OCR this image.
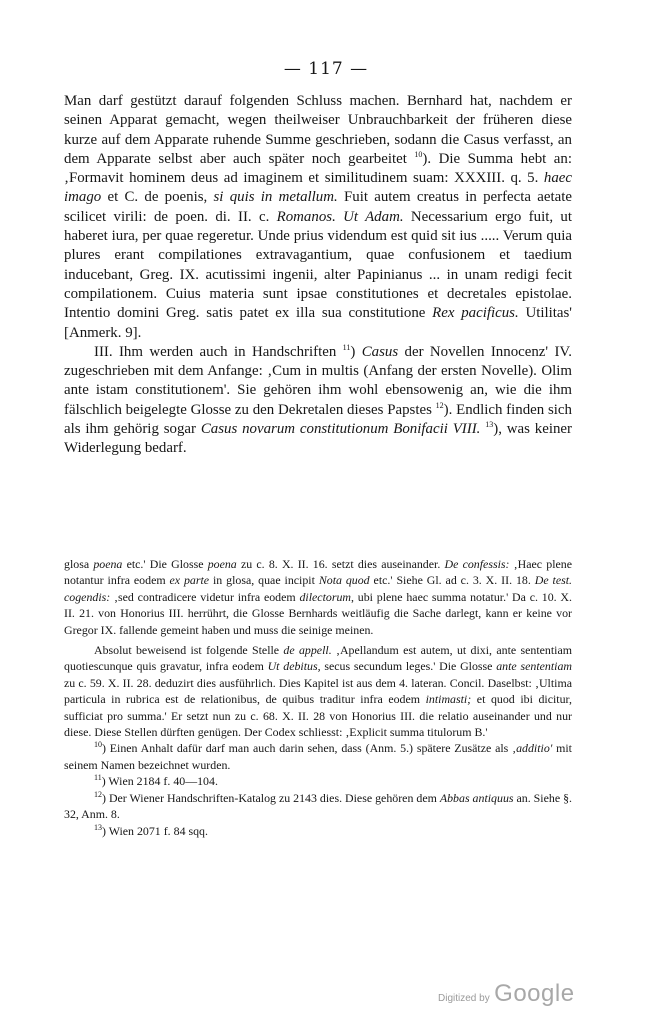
— 117 —

Man darf gestützt darauf folgenden Schluss machen. Bernhard hat, nachdem er seinen Apparat gemacht, wegen theilweiser Unbrauchbarkeit der früheren diese kurze auf dem Apparate ruhende Summe geschrieben, sodann die Casus verfasst, an dem Apparate selbst aber auch später noch gearbeitet $^{10}$). Die Summa hebt an: ‚Formavit hominem deus ad imaginem et similitudinem suam: XXXIII. q. 5. haec imago et C. de poenis, si quis in metallum. Fuit autem creatus in perfecta aetate scilicet virili: de poen. di. II. c. Romanos. Ut Adam. Necessarium ergo fuit, ut haberet iura, per quae regeretur. Unde prius videndum est quid sit ius ..... Verum quia plures erant compilationes extravagantium, quae confusionem et taedium inducebant, Greg. IX. acutissimi ingenii, alter Papinianus ... in unam redigi fecit compilationem. Cuius materia sunt ipsae constitutiones et decretales epistolae. Intentio domini Greg. satis patet ex illa sua constitutione Rex pacificus. Utilitas' [Anmerk. 9].

III. Ihm werden auch in Handschriften $^{11}$) Casus der Novellen Innocenz' IV. zugeschrieben mit dem Anfange: ‚Cum in multis (Anfang der ersten Novelle). Olim ante istam constitutionem'. Sie gehören ihm wohl ebensowenig an, wie die ihm fälschlich beigelegte Glosse zu den Dekretalen dieses Papstes $^{12}$). Endlich finden sich als ihm gehörig sogar Casus novarum constitutionum Bonifacii VIII. $^{13}$), was keiner Widerlegung bedarf.

glosa poena etc.' Die Glosse poena zu c. 8. X. II. 16. setzt dies auseinander. De confessis: ‚Haec plene notantur infra eodem ex parte in glosa, quae incipit Nota quod etc.' Siehe Gl. ad c. 3. X. II. 18. De test. cogendis: ‚sed contradicere videtur infra eodem dilectorum, ubi plene haec summa notatur.' Da c. 10. X. II. 21. von Honorius III. herrührt, die Glosse Bernhards weitläufig die Sache darlegt, kann er keine vor Gregor IX. fallende gemeint haben und muss die seinige meinen.

Absolut beweisend ist folgende Stelle de appell. ‚Apellandum est autem, ut dixi, ante sententiam quotiescunque quis gravatur, infra eodem Ut debitus, secus secundum leges.' Die Glosse ante sententiam zu c. 59. X. II. 28. deduzirt dies ausführlich. Dies Kapitel ist aus dem 4. lateran. Concil. Daselbst: ‚Ultima particula in rubrica est de relationibus, de quibus traditur infra eodem intimasti; et quod ibi dicitur, sufficiat pro summa.' Er setzt nun zu c. 68. X. II. 28 von Honorius III. die relatio auseinander und nur diese. Diese Stellen dürften genügen. Der Codex schliesst: ‚Explicit summa titulorum B.'

$^{10}$) Einen Anhalt dafür darf man auch darin sehen, dass (Anm. 5.) spätere Zusätze als ‚additio' mit seinem Namen bezeichnet wurden.

$^{11}$) Wien 2184 f. 40—104.

$^{12}$) Der Wiener Handschriften-Katalog zu 2143 dies. Diese gehören dem Abbas antiquus an. Siehe §. 32, Anm. 8.

$^{13}$) Wien 2071 f. 84 sqq.

Digitized by Google
